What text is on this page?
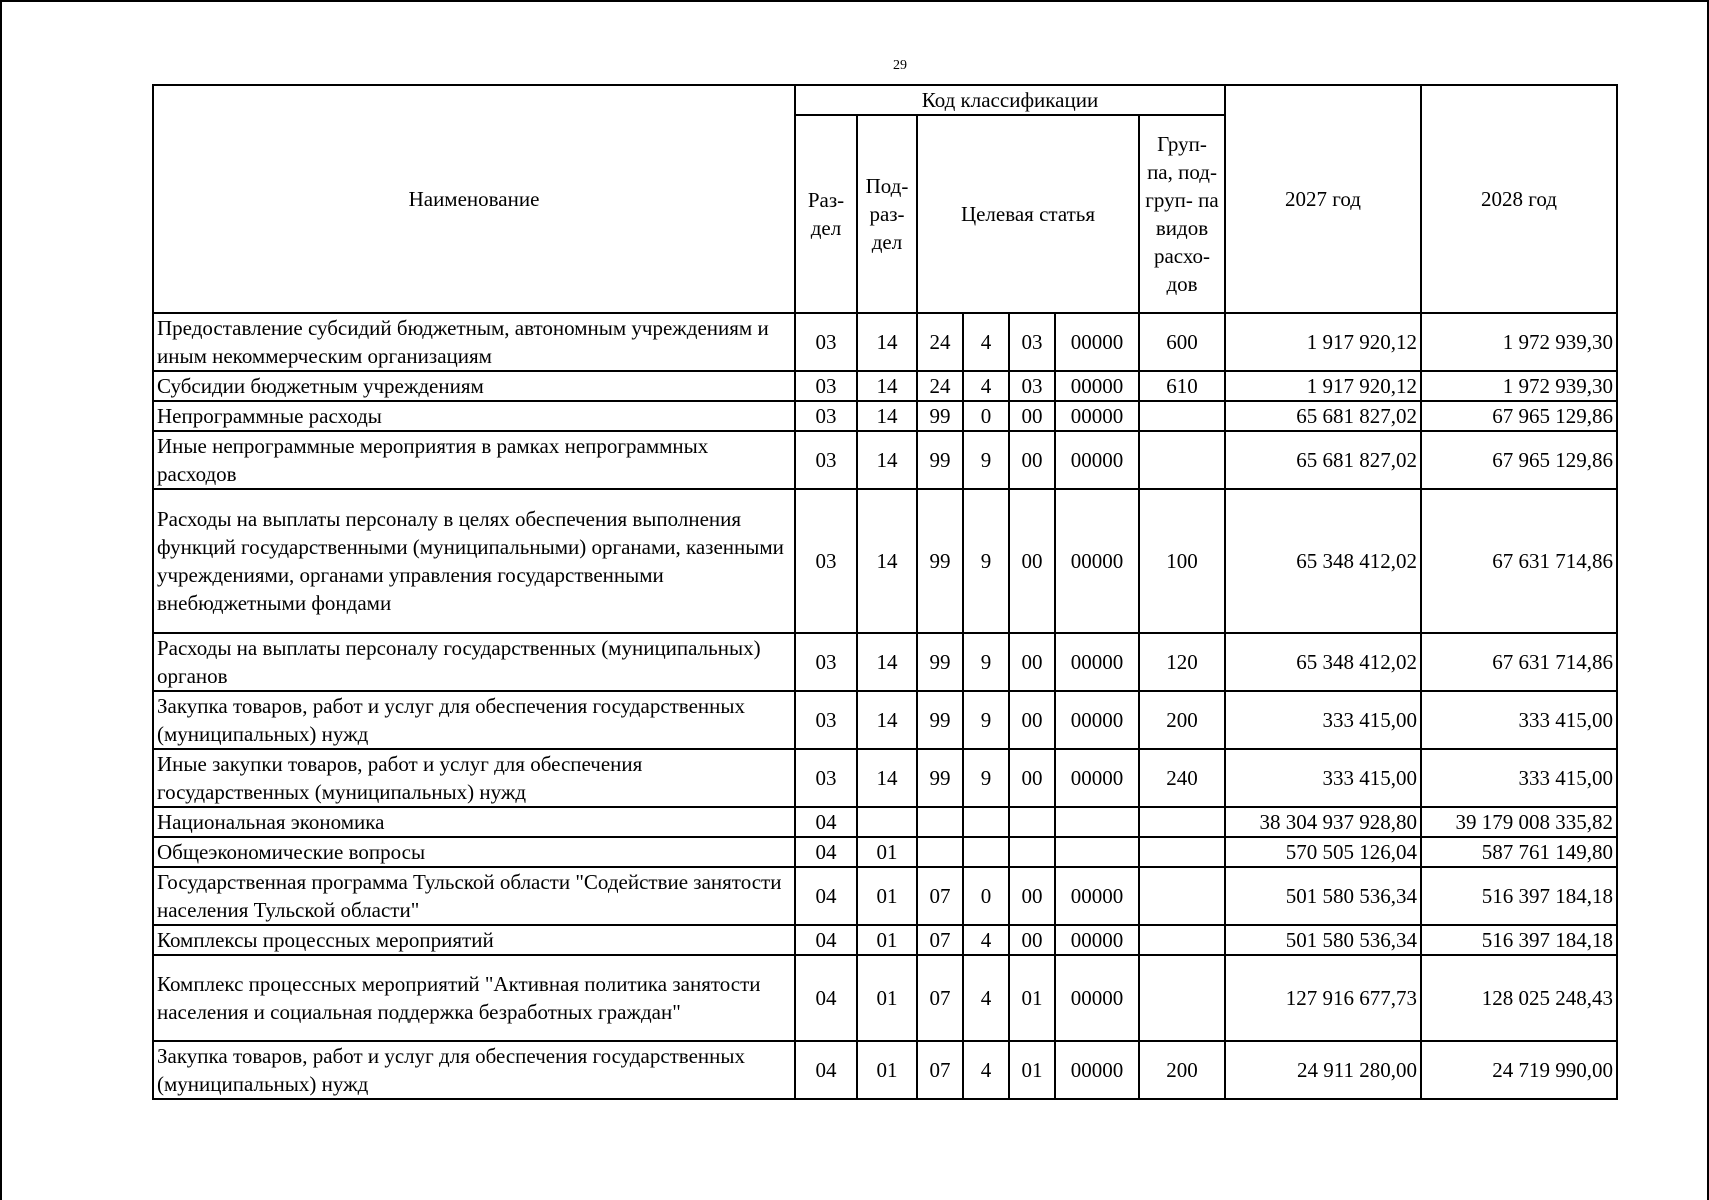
29
Наименование	Код классификации							2027 год	2028 год
	Раз- дел	Под- раз- дел	Целевая статья				Груп- па, под- груп- па видов расхо- дов		
Предоставление субсидий бюджетным, автономным учреждениям и иным некоммерческим организациям	03	14	24	4	03	00000	600	1 917 920,12	1 972 939,30
Субсидии бюджетным учреждениям	03	14	24	4	03	00000	610	1 917 920,12	1 972 939,30
Непрограммные расходы	03	14	99	0	00	00000		65 681 827,02	67 965 129,86
Иные непрограммные мероприятия в рамках непрограммных расходов	03	14	99	9	00	00000		65 681 827,02	67 965 129,86
Расходы на выплаты персоналу в целях обеспечения выполнения функций государственными (муниципальными) органами, казенными учреждениями, органами управления государственными внебюджетными фондами	03	14	99	9	00	00000	100	65 348 412,02	67 631 714,86
Расходы на выплаты персоналу государственных (муниципальных) органов	03	14	99	9	00	00000	120	65 348 412,02	67 631 714,86
Закупка товаров, работ и услуг для обеспечения государственных (муниципальных) нужд	03	14	99	9	00	00000	200	333 415,00	333 415,00
Иные закупки товаров, работ и услуг для обеспечения государственных (муниципальных) нужд	03	14	99	9	00	00000	240	333 415,00	333 415,00
Национальная экономика	04							38 304 937 928,80	39 179 008 335,82
Общеэкономические вопросы	04	01						570 505 126,04	587 761 149,80
Государственная программа Тульской области "Содействие занятости населения Тульской области"	04	01	07	0	00	00000		501 580 536,34	516 397 184,18
Комплексы процессных мероприятий	04	01	07	4	00	00000		501 580 536,34	516 397 184,18
Комплекс процессных мероприятий "Активная политика занятости населения и социальная поддержка безработных граждан"	04	01	07	4	01	00000		127 916 677,73	128 025 248,43
Закупка товаров, работ и услуг для обеспечения государственных (муниципальных) нужд	04	01	07	4	01	00000	200	24 911 280,00	24 719 990,00
